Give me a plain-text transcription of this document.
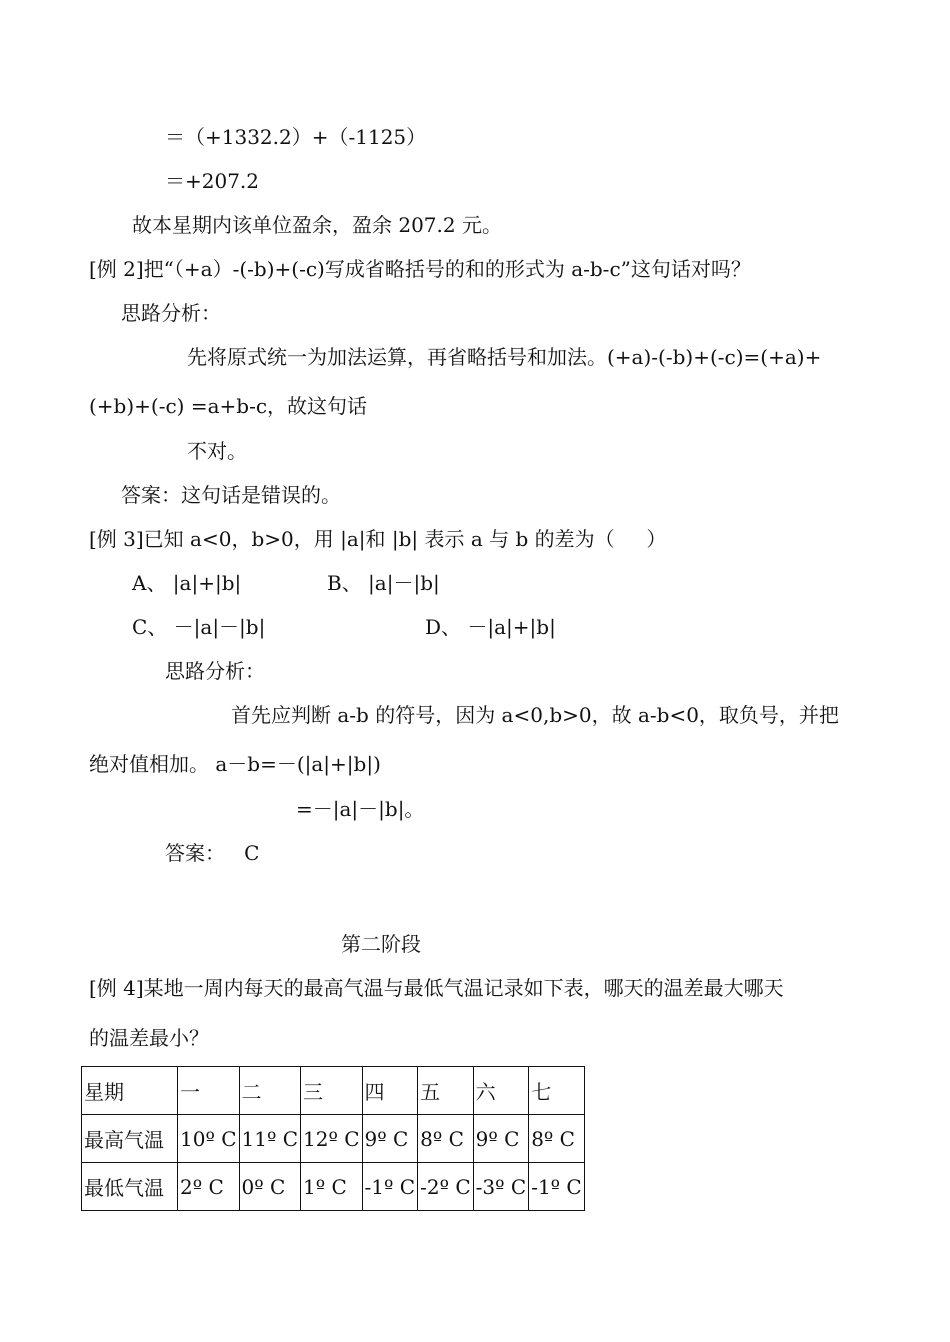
＝（+1332.2）+（-1125）
＝+207.2
故本星期内该单位盈余，盈余 207.2 元。
[例 2]把“（+a）-(-b)+(-c)写成省略括号的和的形式为 a-b-c”这句话对吗？
思路分析：
先将原式统一为加法运算，再省略括号和加法。(+a)-(-b)+(-c)=(+a)+
(+b)+(-c) =a+b-c，故这句话
不对。
答案：这句话是错误的。
[例 3]已知 a<0，b>0，用 |a|和 |b| 表示 a 与 b 的差为（     ）
A、 |a|+|b|	B、 |a|－|b|
C、 －|a|－|b|	D、 －|a|+|b|
思路分析：
首先应判断 a-b 的符号，因为 a<0,b>0，故 a-b<0，取负号，并把
绝对值相加。 a－b=－(|a|+|b|)
=－|a|－|b|。
答案：   C
第二阶段
[例 4]某地一周内每天的最高气温与最低气温记录如下表，哪天的温差最大哪天
的温差最小？
星期	一	二	三	四	五	六	七
最高气温	10º C	11º C	12º C	9º C	8º C	9º C	8º C
最低气温	2º C	0º C	1º C	-1º C	-2º C	-3º C	-1º C
